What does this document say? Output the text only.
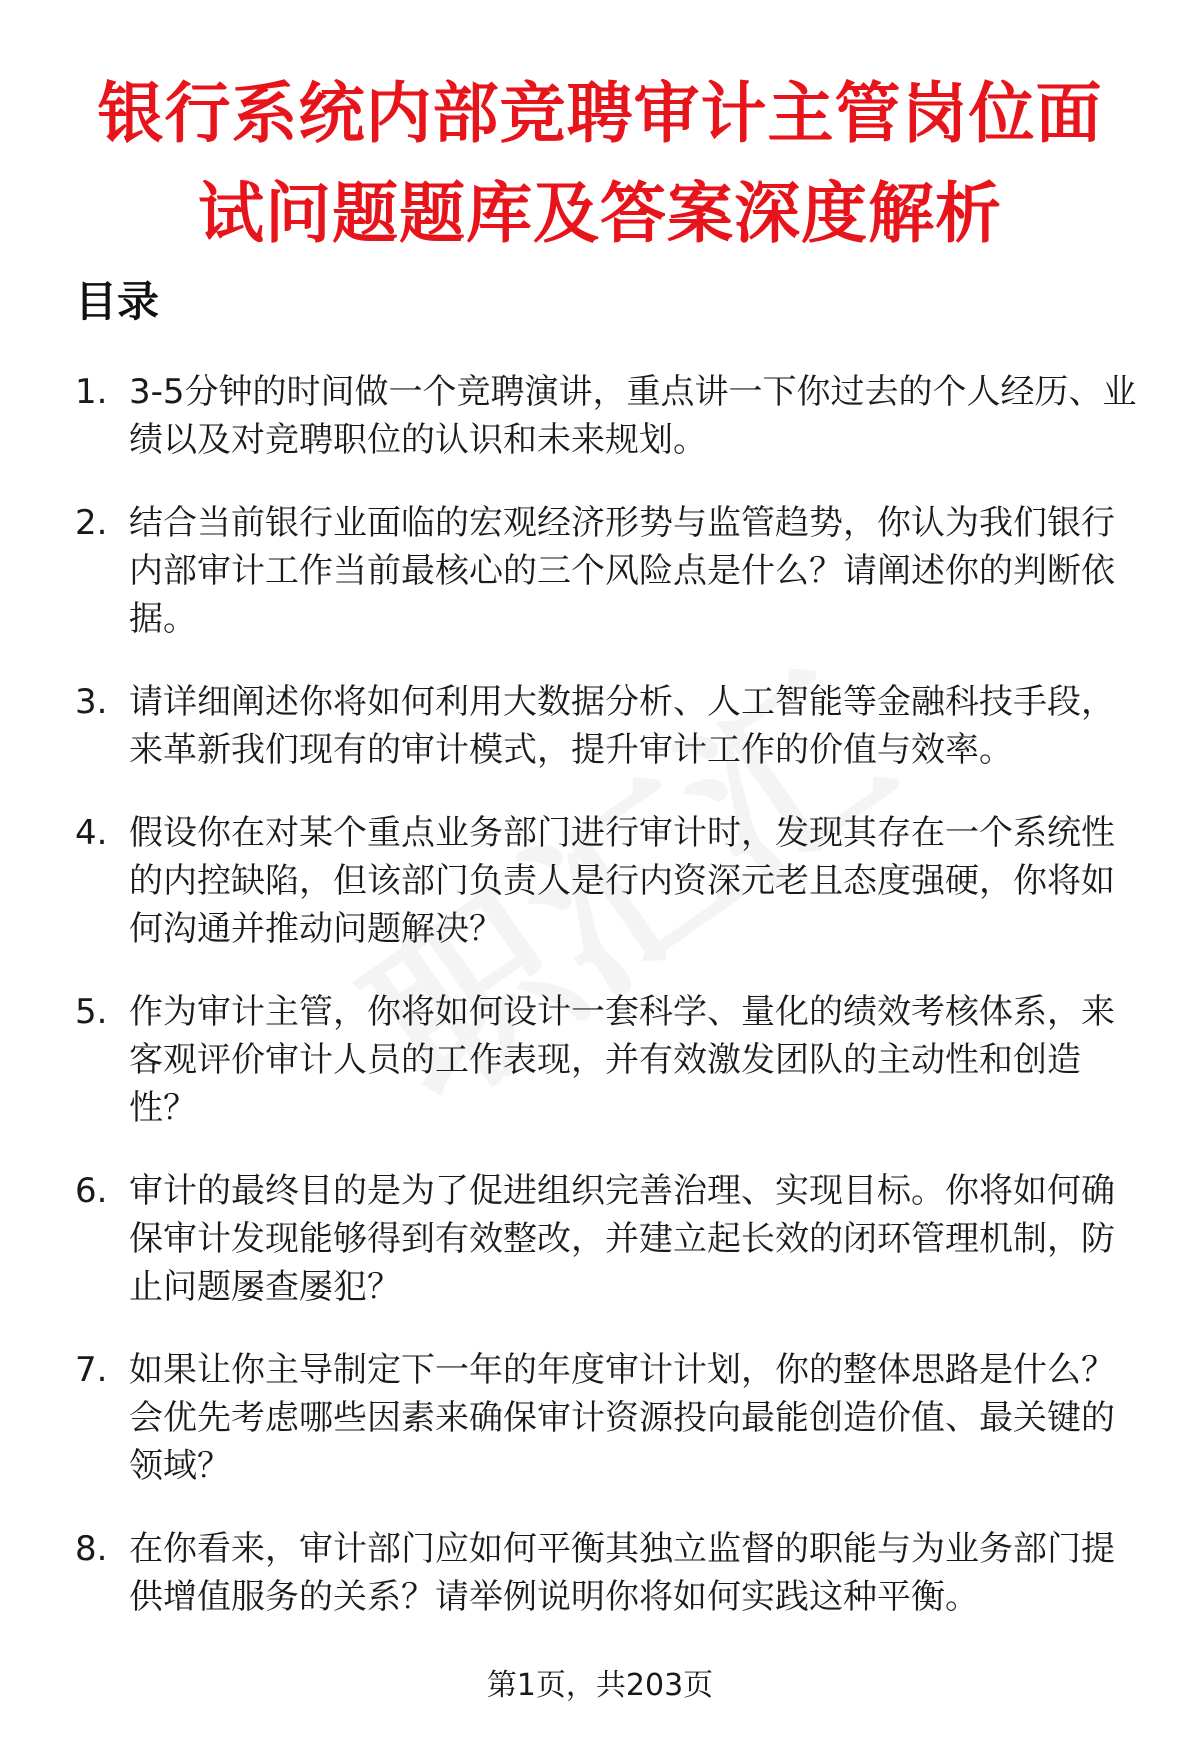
银行系统内部竞聘审计主管岗位面试问题题库及答案深度解析
目录
1. 3-5分钟的时间做一个竞聘演讲，重点讲一下你过去的个人经历、业绩以及对竞聘职位的认识和未来规划。
2. 结合当前银行业面临的宏观经济形势与监管趋势，你认为我们银行内部审计工作当前最核心的三个风险点是什么？请阐述你的判断依据。
3. 请详细阐述你将如何利用大数据分析、人工智能等金融科技手段，来革新我们现有的审计模式，提升审计工作的价值与效率。
4. 假设你在对某个重点业务部门进行审计时，发现其存在一个系统性的内控缺陷，但该部门负责人是行内资深元老且态度强硬，你将如何沟通并推动问题解决？
5. 作为审计主管，你将如何设计一套科学、量化的绩效考核体系，来客观评价审计人员的工作表现，并有效激发团队的主动性和创造性？
6. 审计的最终目的是为了促进组织完善治理、实现目标。你将如何确保审计发现能够得到有效整改，并建立起长效的闭环管理机制，防止问题屡查屡犯？
7. 如果让你主导制定下一年的年度审计计划，你的整体思路是什么？会优先考虑哪些因素来确保审计资源投向最能创造价值、最关键的领域？
8. 在你看来，审计部门应如何平衡其独立监督的职能与为业务部门提供增值服务的关系？请举例说明你将如何实践这种平衡。
第1页，共203页
